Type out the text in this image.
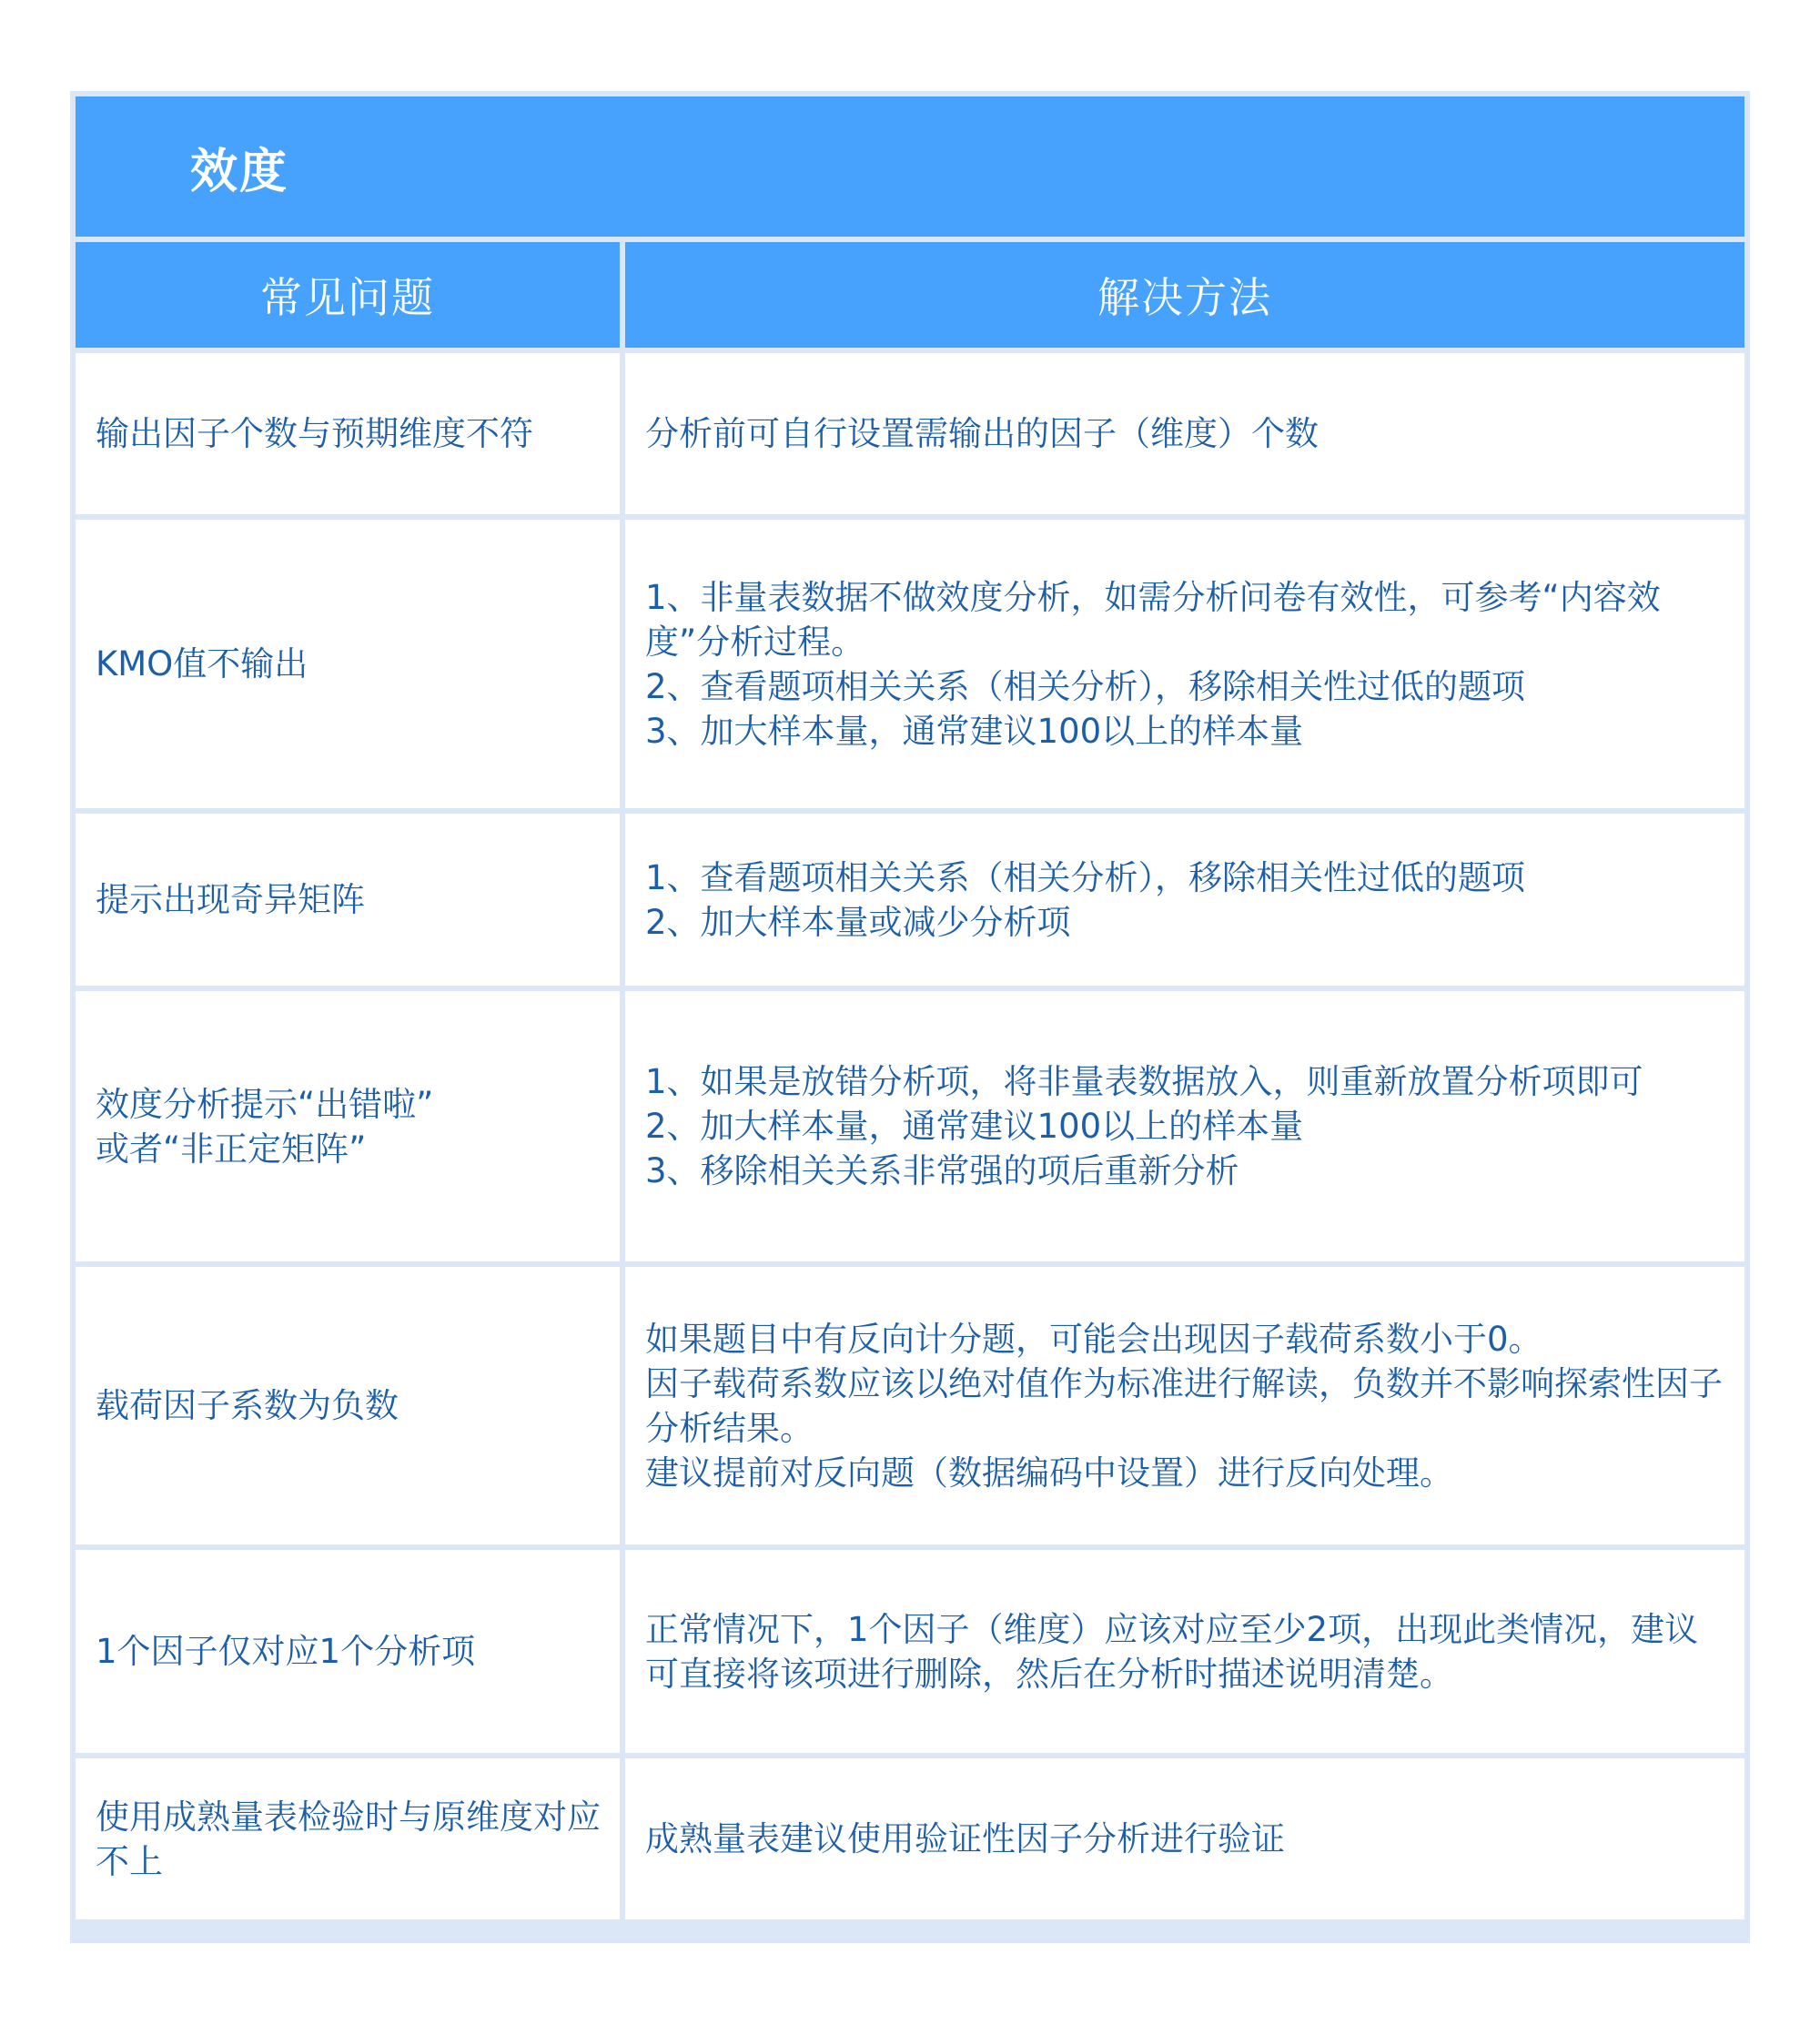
效度
常见问题	解决方法
输出因子个数与预期维度不符	分析前可自行设置需输出的因子（维度）个数
KMO值不输出
1、非量表数据不做效度分析，如需分析问卷有效性，可参考“内容效度”分析过程。
2、查看题项相关关系（相关分析），移除相关性过低的题项
3、加大样本量，通常建议100以上的样本量
提示出现奇异矩阵
1、查看题项相关关系（相关分析），移除相关性过低的题项
2、加大样本量或减少分析项
效度分析提示“出错啦”
或者“非正定矩阵”
1、如果是放错分析项，将非量表数据放入，则重新放置分析项即可
2、加大样本量，通常建议100以上的样本量
3、移除相关关系非常强的项后重新分析
载荷因子系数为负数
如果题目中有反向计分题，可能会出现因子载荷系数小于0。
因子载荷系数应该以绝对值作为标准进行解读，负数并不影响探索性因子分析结果。
建议提前对反向题（数据编码中设置）进行反向处理。
1个因子仅对应1个分析项
正常情况下，1个因子（维度）应该对应至少2项，出现此类情况，建议可直接将该项进行删除，然后在分析时描述说明清楚。
使用成熟量表检验时与原维度对应不上
成熟量表建议使用验证性因子分析进行验证
